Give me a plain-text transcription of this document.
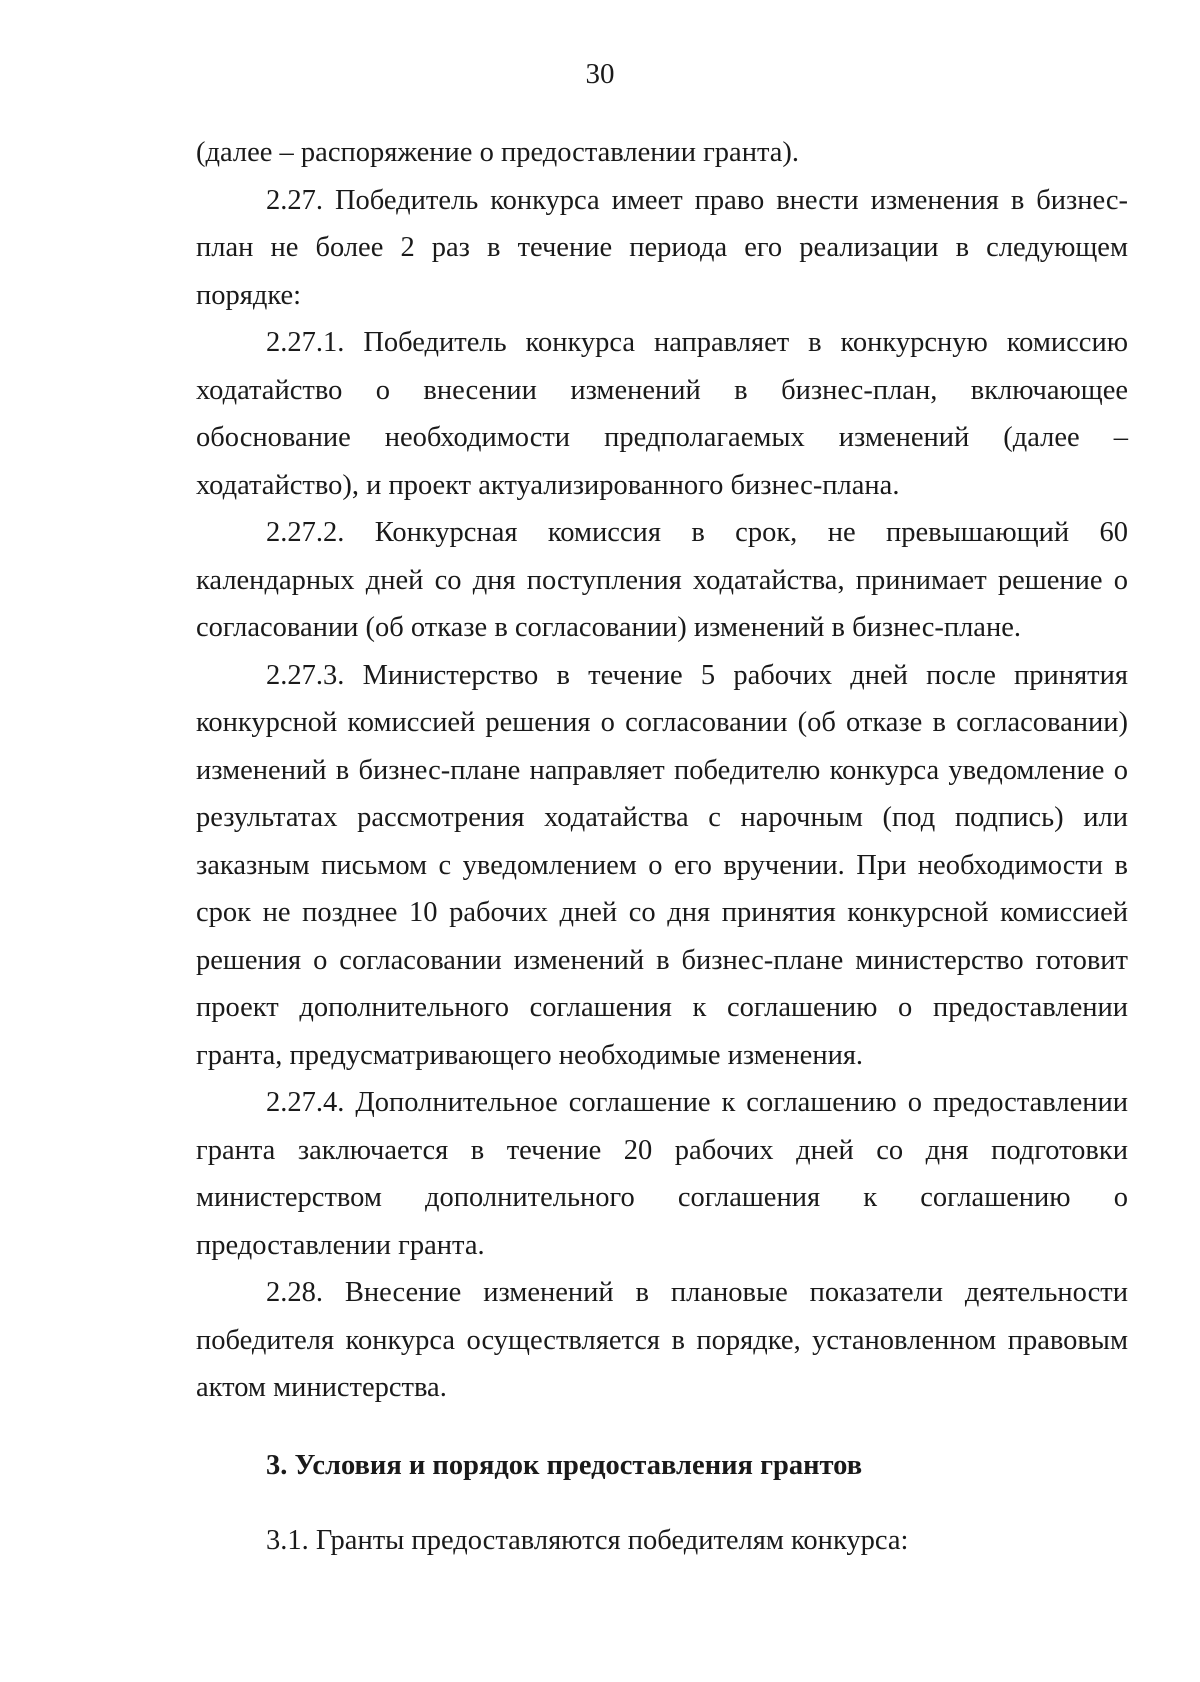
30

(далее – распоряжение о предоставлении гранта).

2.27. Победитель конкурса имеет право внести изменения в бизнес-план не более 2 раз в течение периода его реализации в следующем порядке:

2.27.1. Победитель конкурса направляет в конкурсную комиссию ходатайство о внесении изменений в бизнес-план, включающее обоснование необходимости предполагаемых изменений (далее – ходатайство), и проект актуализированного бизнес-плана.

2.27.2. Конкурсная комиссия в срок, не превышающий 60 календарных дней со дня поступления ходатайства, принимает решение о согласовании (об отказе в согласовании) изменений в бизнес-плане.

2.27.3. Министерство в течение 5 рабочих дней после принятия конкурсной комиссией решения о согласовании (об отказе в согласовании) изменений в бизнес-плане направляет победителю конкурса уведомление о результатах рассмотрения ходатайства с нарочным (под подпись) или заказным письмом с уведомлением о его вручении. При необходимости в срок не позднее 10 рабочих дней со дня принятия конкурсной комиссией решения о согласовании изменений в бизнес-плане министерство готовит проект дополнительного соглашения к соглашению о предоставлении гранта, предусматривающего необходимые изменения.

2.27.4. Дополнительное соглашение к соглашению о предоставлении гранта заключается в течение 20 рабочих дней со дня подготовки министерством дополнительного соглашения к соглашению о

предоставлении гранта.

2.28. Внесение изменений в плановые показатели деятельности победителя конкурса осуществляется в порядке, установленном правовым актом министерства.

3. Условия и порядок предоставления грантов

3.1. Гранты предоставляются победителям конкурса:
